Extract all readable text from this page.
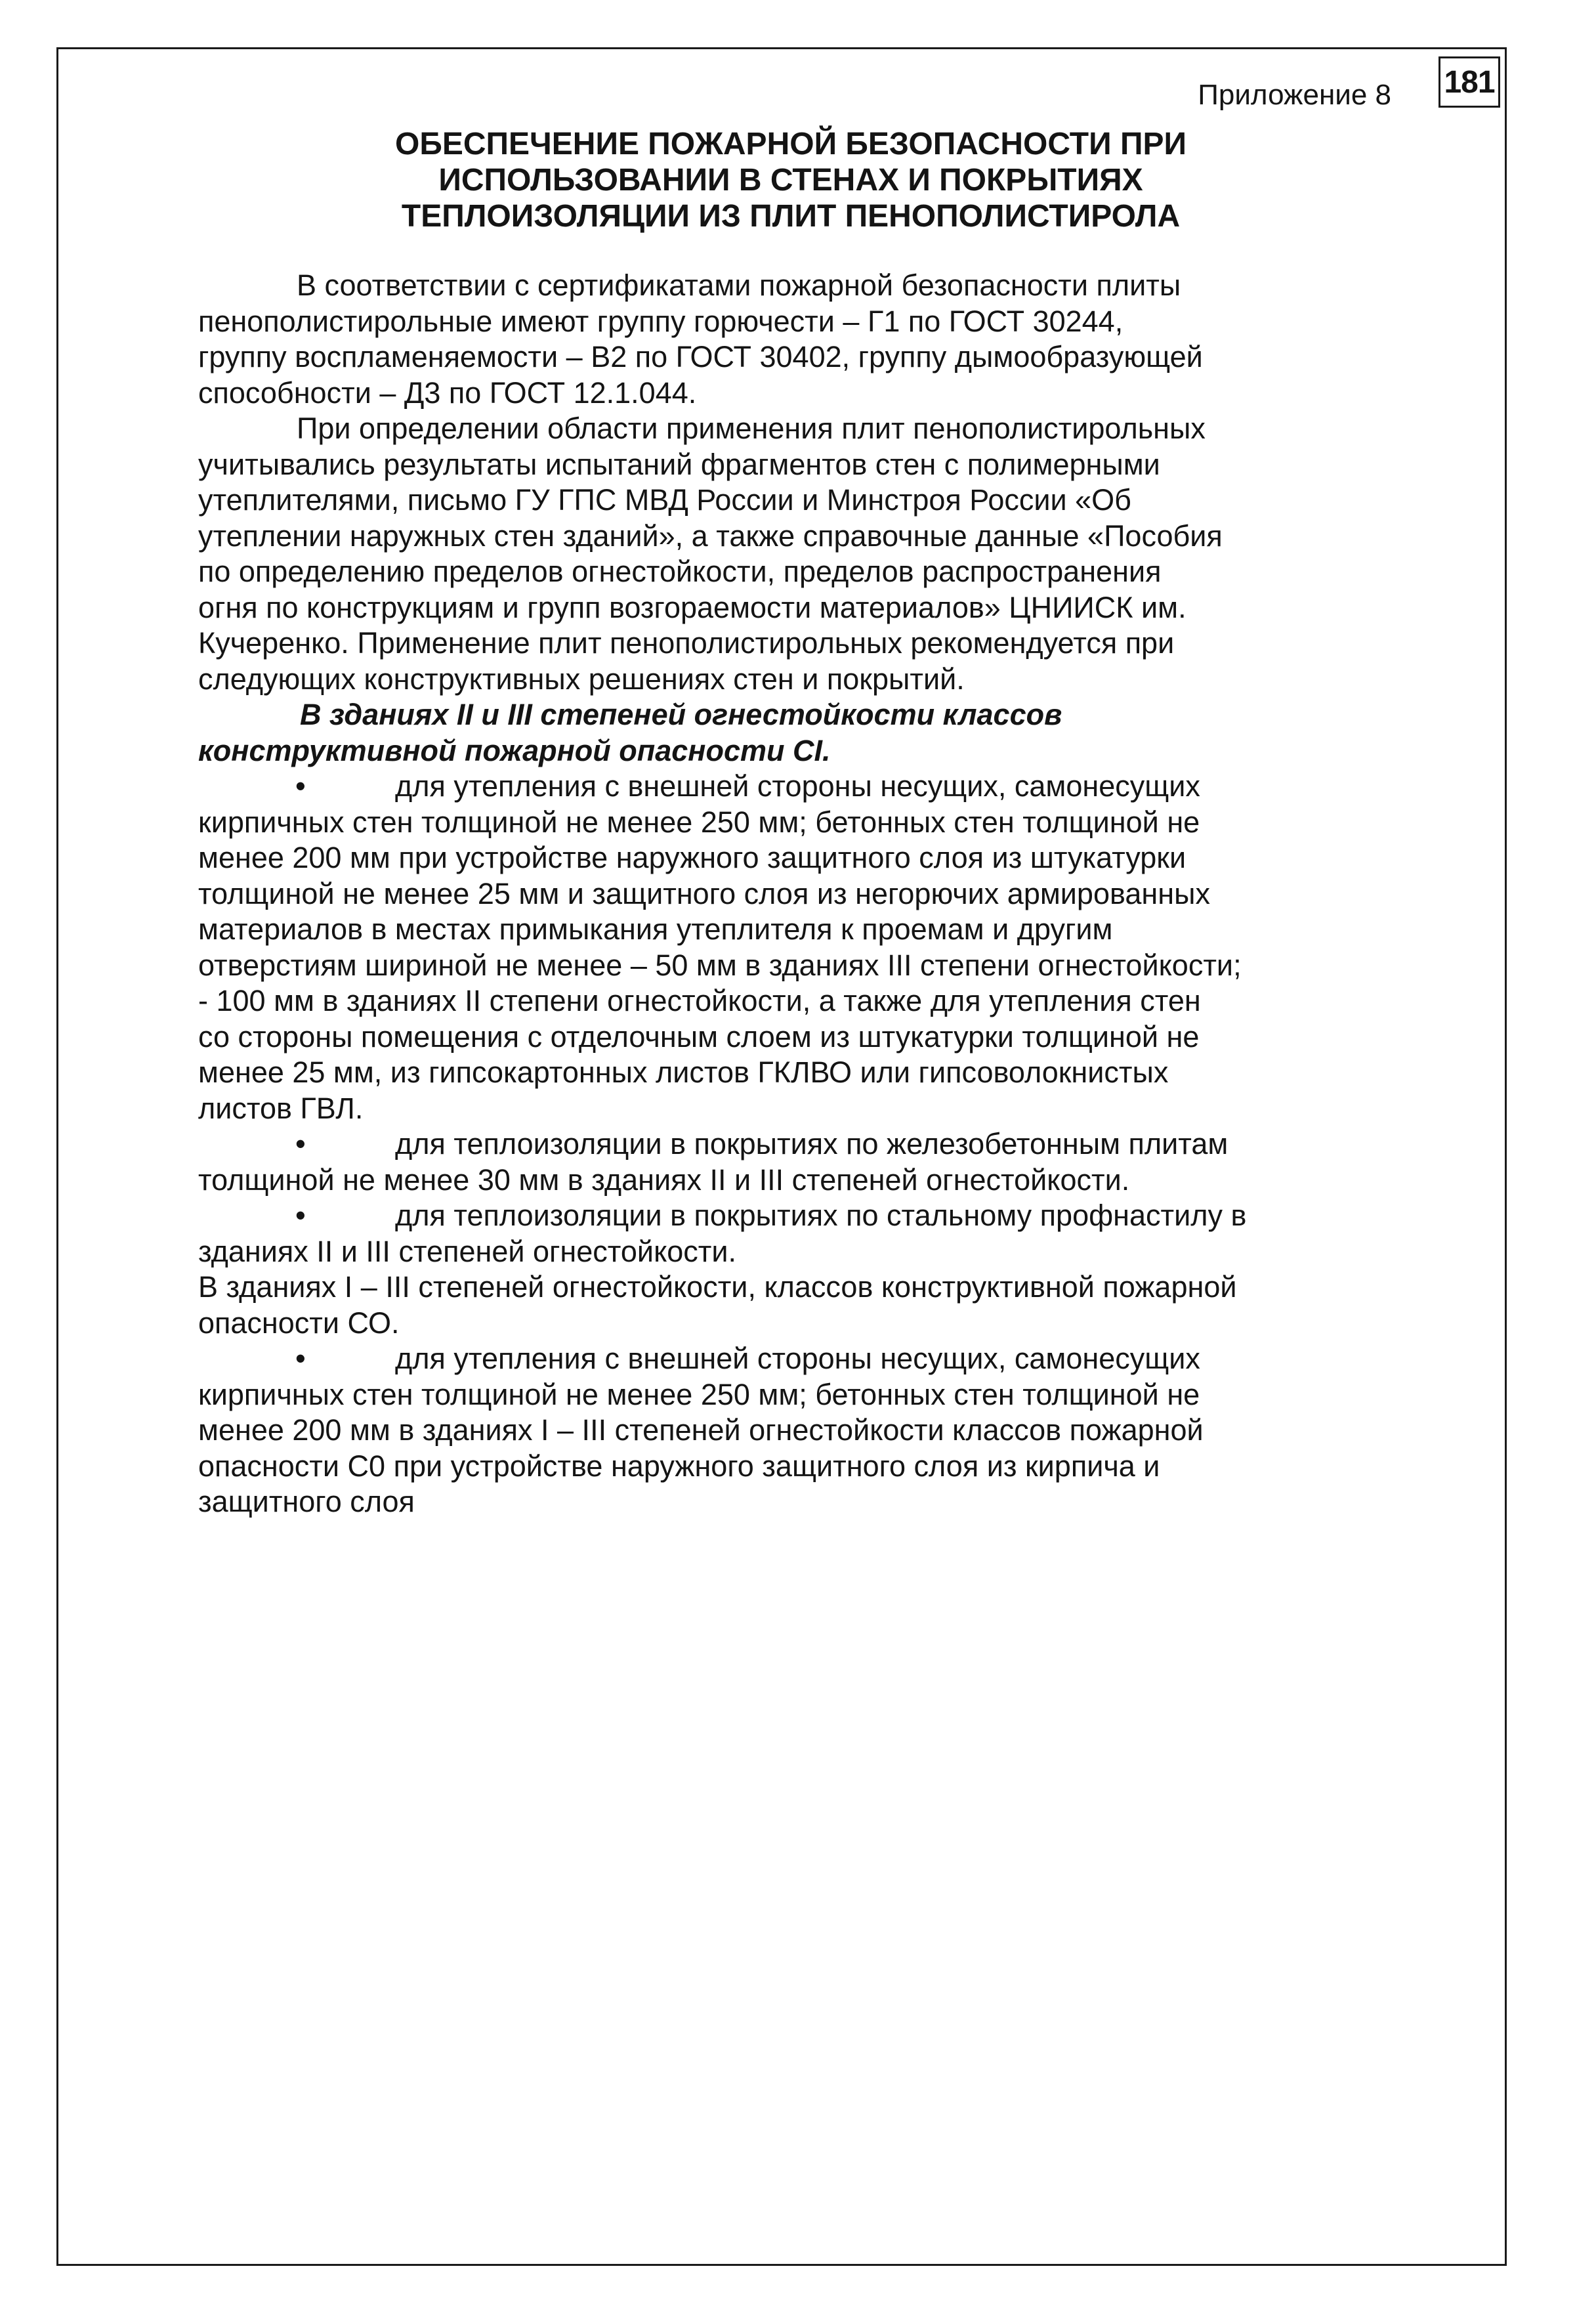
181
Приложение 8
ОБЕСПЕЧЕНИЕ ПОЖАРНОЙ БЕЗОПАСНОСТИ ПРИ
ИСПОЛЬЗОВАНИИ В СТЕНАХ И ПОКРЫТИЯХ
ТЕПЛОИЗОЛЯЦИИ ИЗ ПЛИТ ПЕНОПОЛИСТИРОЛА
В соответствии с сертификатами пожарной безопасности плиты
пенополистирольные имеют группу горючести – Г1 по ГОСТ 30244,
группу воспламеняемости – В2 по ГОСТ 30402, группу дымообразующей
способности – Д3 по ГОСТ 12.1.044.
При определении области применения плит пенополистирольных
учитывались результаты испытаний фрагментов стен с полимерными
утеплителями, письмо ГУ ГПС МВД России и Минстроя России «Об
утеплении наружных стен зданий», а также справочные данные «Пособия
по определению пределов огнестойкости, пределов распространения
огня по конструкциям и групп возгораемости материалов» ЦНИИСК им.
Кучеренко. Применение плит пенополистирольных рекомендуется при
следующих конструктивных решениях стен и покрытий.
В зданиях II и III степеней огнестойкости классов
конструктивной пожарной опасности CI.
•	для утепления с внешней стороны несущих, самонесущих
кирпичных стен толщиной не менее 250 мм; бетонных стен толщиной не
менее 200 мм при устройстве наружного защитного слоя из штукатурки
толщиной не менее 25 мм и защитного слоя из негорючих армированных
материалов в местах примыкания утеплителя к проемам и другим
отверстиям шириной не менее – 50 мм в зданиях III степени огнестойкости;
- 100 мм в зданиях II степени огнестойкости, а также для утепления стен
со стороны помещения с отделочным слоем из штукатурки толщиной не
менее 25 мм, из гипсокартонных листов ГКЛВО или гипсоволокнистых
листов ГВЛ.
•	для теплоизоляции в покрытиях по железобетонным плитам
толщиной не менее 30 мм в зданиях II и III степеней огнестойкости.
•	для теплоизоляции в покрытиях по стальному профнастилу в
зданиях II и III степеней огнестойкости.
В зданиях I – III степеней огнестойкости, классов конструктивной пожарной
опасности СО.
•	для утепления с внешней стороны несущих, самонесущих
кирпичных стен толщиной не менее 250 мм; бетонных стен толщиной не
менее 200 мм в зданиях I – III степеней огнестойкости классов пожарной
опасности С0 при устройстве наружного защитного слоя из кирпича и
защитного слоя
